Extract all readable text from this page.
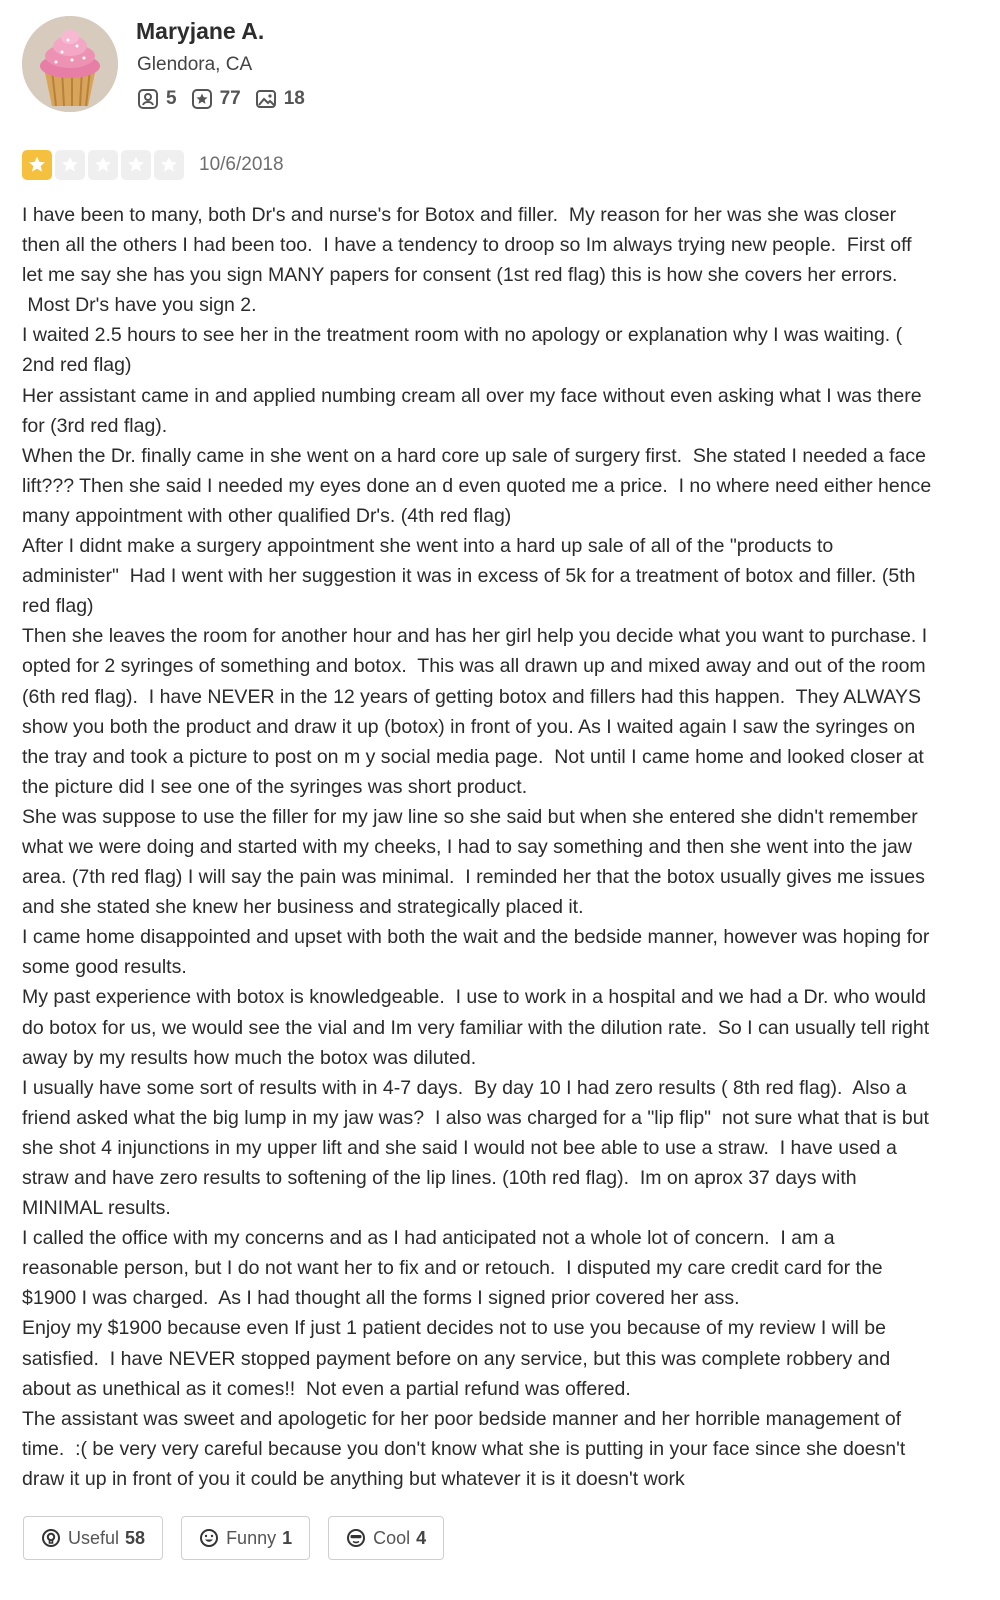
Maryjane A.
Glendora, CA
5 77 18
10/6/2018
I have been to many, both Dr's and nurse's for Botox and filler.  My reason for her was she was closer
then all the others I had been too.  I have a tendency to droop so Im always trying new people.  First off
let me say she has you sign MANY papers for consent (1st red flag) this is how she covers her errors.
Most Dr's have you sign 2.
I waited 2.5 hours to see her in the treatment room with no apology or explanation why I was waiting. (
2nd red flag)
Her assistant came in and applied numbing cream all over my face without even asking what I was there
for (3rd red flag).
When the Dr. finally came in she went on a hard core up sale of surgery first.  She stated I needed a face
lift??? Then she said I needed my eyes done an d even quoted me a price.  I no where need either hence
many appointment with other qualified Dr's. (4th red flag)
After I didnt make a surgery appointment she went into a hard up sale of all of the "products to
administer"  Had I went with her suggestion it was in excess of 5k for a treatment of botox and filler. (5th
red flag)
Then she leaves the room for another hour and has her girl help you decide what you want to purchase. I
opted for 2 syringes of something and botox.  This was all drawn up and mixed away and out of the room
(6th red flag).  I have NEVER in the 12 years of getting botox and fillers had this happen.  They ALWAYS
show you both the product and draw it up (botox) in front of you. As I waited again I saw the syringes on
the tray and took a picture to post on m y social media page.  Not until I came home and looked closer at
the picture did I see one of the syringes was short product.
She was suppose to use the filler for my jaw line so she said but when she entered she didn't remember
what we were doing and started with my cheeks, I had to say something and then she went into the jaw
area. (7th red flag) I will say the pain was minimal.  I reminded her that the botox usually gives me issues
and she stated she knew her business and strategically placed it.
I came home disappointed and upset with both the wait and the bedside manner, however was hoping for
some good results.
My past experience with botox is knowledgeable.  I use to work in a hospital and we had a Dr. who would
do botox for us, we would see the vial and Im very familiar with the dilution rate.  So I can usually tell right
away by my results how much the botox was diluted.
I usually have some sort of results with in 4-7 days.  By day 10 I had zero results ( 8th red flag).  Also a
friend asked what the big lump in my jaw was?  I also was charged for a "lip flip"  not sure what that is but
she shot 4 injunctions in my upper lift and she said I would not bee able to use a straw.  I have used a
straw and have zero results to softening of the lip lines. (10th red flag).  Im on aprox 37 days with
MINIMAL results.
I called the office with my concerns and as I had anticipated not a whole lot of concern.  I am a
reasonable person, but I do not want her to fix and or retouch.  I disputed my care credit card for the
$1900 I was charged.  As I had thought all the forms I signed prior covered her ass.
Enjoy my $1900 because even If just 1 patient decides not to use you because of my review I will be
satisfied.  I have NEVER stopped payment before on any service, but this was complete robbery and
about as unethical as it comes!!  Not even a partial refund was offered.
The assistant was sweet and apologetic for her poor bedside manner and her horrible management of
time.  :( be very very careful because you don't know what she is putting in your face since she doesn't
draw it up in front of you it could be anything but whatever it is it doesn't work
Useful 58	Funny 1	Cool 4
